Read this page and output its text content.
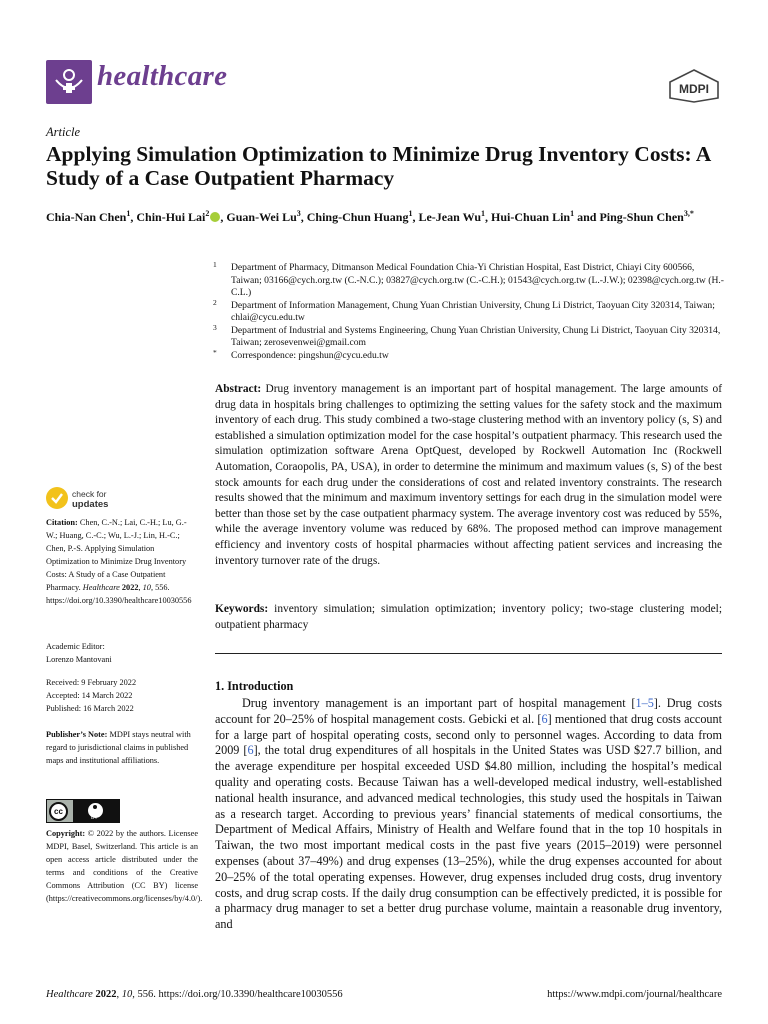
healthcare	MDPI
Article
Applying Simulation Optimization to Minimize Drug Inventory Costs: A Study of a Case Outpatient Pharmacy
Chia-Nan Chen$^1$, Chin-Hui Lai$^2$ , Guan-Wei Lu$^3$, Ching-Chun Huang$^1$, Le-Jean Wu$^1$, Hui-Chuan Lin$^1$ and Ping-Shun Chen$^{3,*}$
1 Department of Pharmacy, Ditmanson Medical Foundation Chia-Yi Christian Hospital, East District, Chiayi City 600566, Taiwan; 03166@cych.org.tw (C.-N.C.); 03827@cych.org.tw (C.-C.H.); 01543@cych.org.tw (L.-J.W.); 02398@cych.org.tw (H.-C.L.)
2 Department of Information Management, Chung Yuan Christian University, Chung Li District, Taoyuan City 320314, Taiwan; chlai@cycu.edu.tw
3 Department of Industrial and Systems Engineering, Chung Yuan Christian University, Chung Li District, Taoyuan City 320314, Taiwan; zerosevenwei@gmail.com
* Correspondence: pingshun@cycu.edu.tw
Abstract: Drug inventory management is an important part of hospital management. The large amounts of drug data in hospitals bring challenges to optimizing the setting values for the safety stock and the maximum inventory of each drug. This study combined a two-stage clustering method with an inventory policy (s, S) and established a simulation optimization model for the case hospital’s outpatient pharmacy. This research used the simulation optimization software Arena OptQuest, developed by Rockwell Automation Inc (Rockwell Automation, Coraopolis, PA, USA), in order to determine the minimum and maximum values (s, S) of the best stock amounts for each drug under the considerations of cost and related inventory constraints. The research results showed that the minimum and maximum inventory settings for each drug in the simulation model were better than those set by the case outpatient pharmacy system. The average inventory cost was reduced by 55%, while the average inventory volume was reduced by 68%. The proposed method can improve management efficiency and inventory costs of hospital pharmacies without affecting patient services and increasing the inventory turnover rate of the drugs.
Keywords: inventory simulation; simulation optimization; inventory policy; two-stage clustering model; outpatient pharmacy
1. Introduction

Drug inventory management is an important part of hospital management [1–5]. Drug costs account for 20–25% of hospital management costs. Gebicki et al. [6] mentioned that drug costs account for a large part of hospital operating costs, second only to personnel wages. According to data from 2009 [6], the total drug expenditures of all hospitals in the United States was USD $27.7 billion, and the average expenditure per hospital exceeded USD $4.80 million, including the hospital’s medical quality and operating costs. Because Taiwan has a well-developed medical industry, well-established national health insurance, and advanced medical technologies, this study used the hospitals in Taiwan as a research target. According to previous years’ financial statements of medical consortiums, the Department of Medical Affairs, Ministry of Health and Welfare found that in the top 10 hospitals in Taiwan, the two most important medical costs in the past five years (2015–2019) were personnel expenses (about 37–49%) and drug expenses (13–25%), while the drug expenses accounted for about 20–25% of the total operating expenses. However, drug expenses included drug costs, drug inventory costs, and drug scrap costs. If the daily drug consumption can be effectively predicted, it is possible for a pharmacy drug manager to set a better drug purchase volume, maintain a reasonable drug inventory, and

check for
updates
Citation: Chen, C.-N.; Lai, C.-H.; Lu, G.-W.; Huang, C.-C.; Wu, L.-J.; Lin, H.-C.; Chen, P.-S. Applying Simulation Optimization to Minimize Drug Inventory Costs: A Study of a Case Outpatient Pharmacy. Healthcare 2022, 10, 556. https://doi.org/10.3390/healthcare10030556
Academic Editor:
Lorenzo Mantovani
Received: 9 February 2022
Accepted: 14 March 2022
Published: 16 March 2022
Publisher’s Note: MDPI stays neutral with regard to jurisdictional claims in published maps and institutional affiliations.
cc
BY
Copyright: © 2022 by the authors. Licensee MDPI, Basel, Switzerland. This article is an open access article distributed under the terms and conditions of the Creative Commons Attribution (CC BY) license (https://creativecommons.org/licenses/by/4.0/).
Healthcare 2022, 10, 556. https://doi.org/10.3390/healthcare10030556	https://www.mdpi.com/journal/healthcare
